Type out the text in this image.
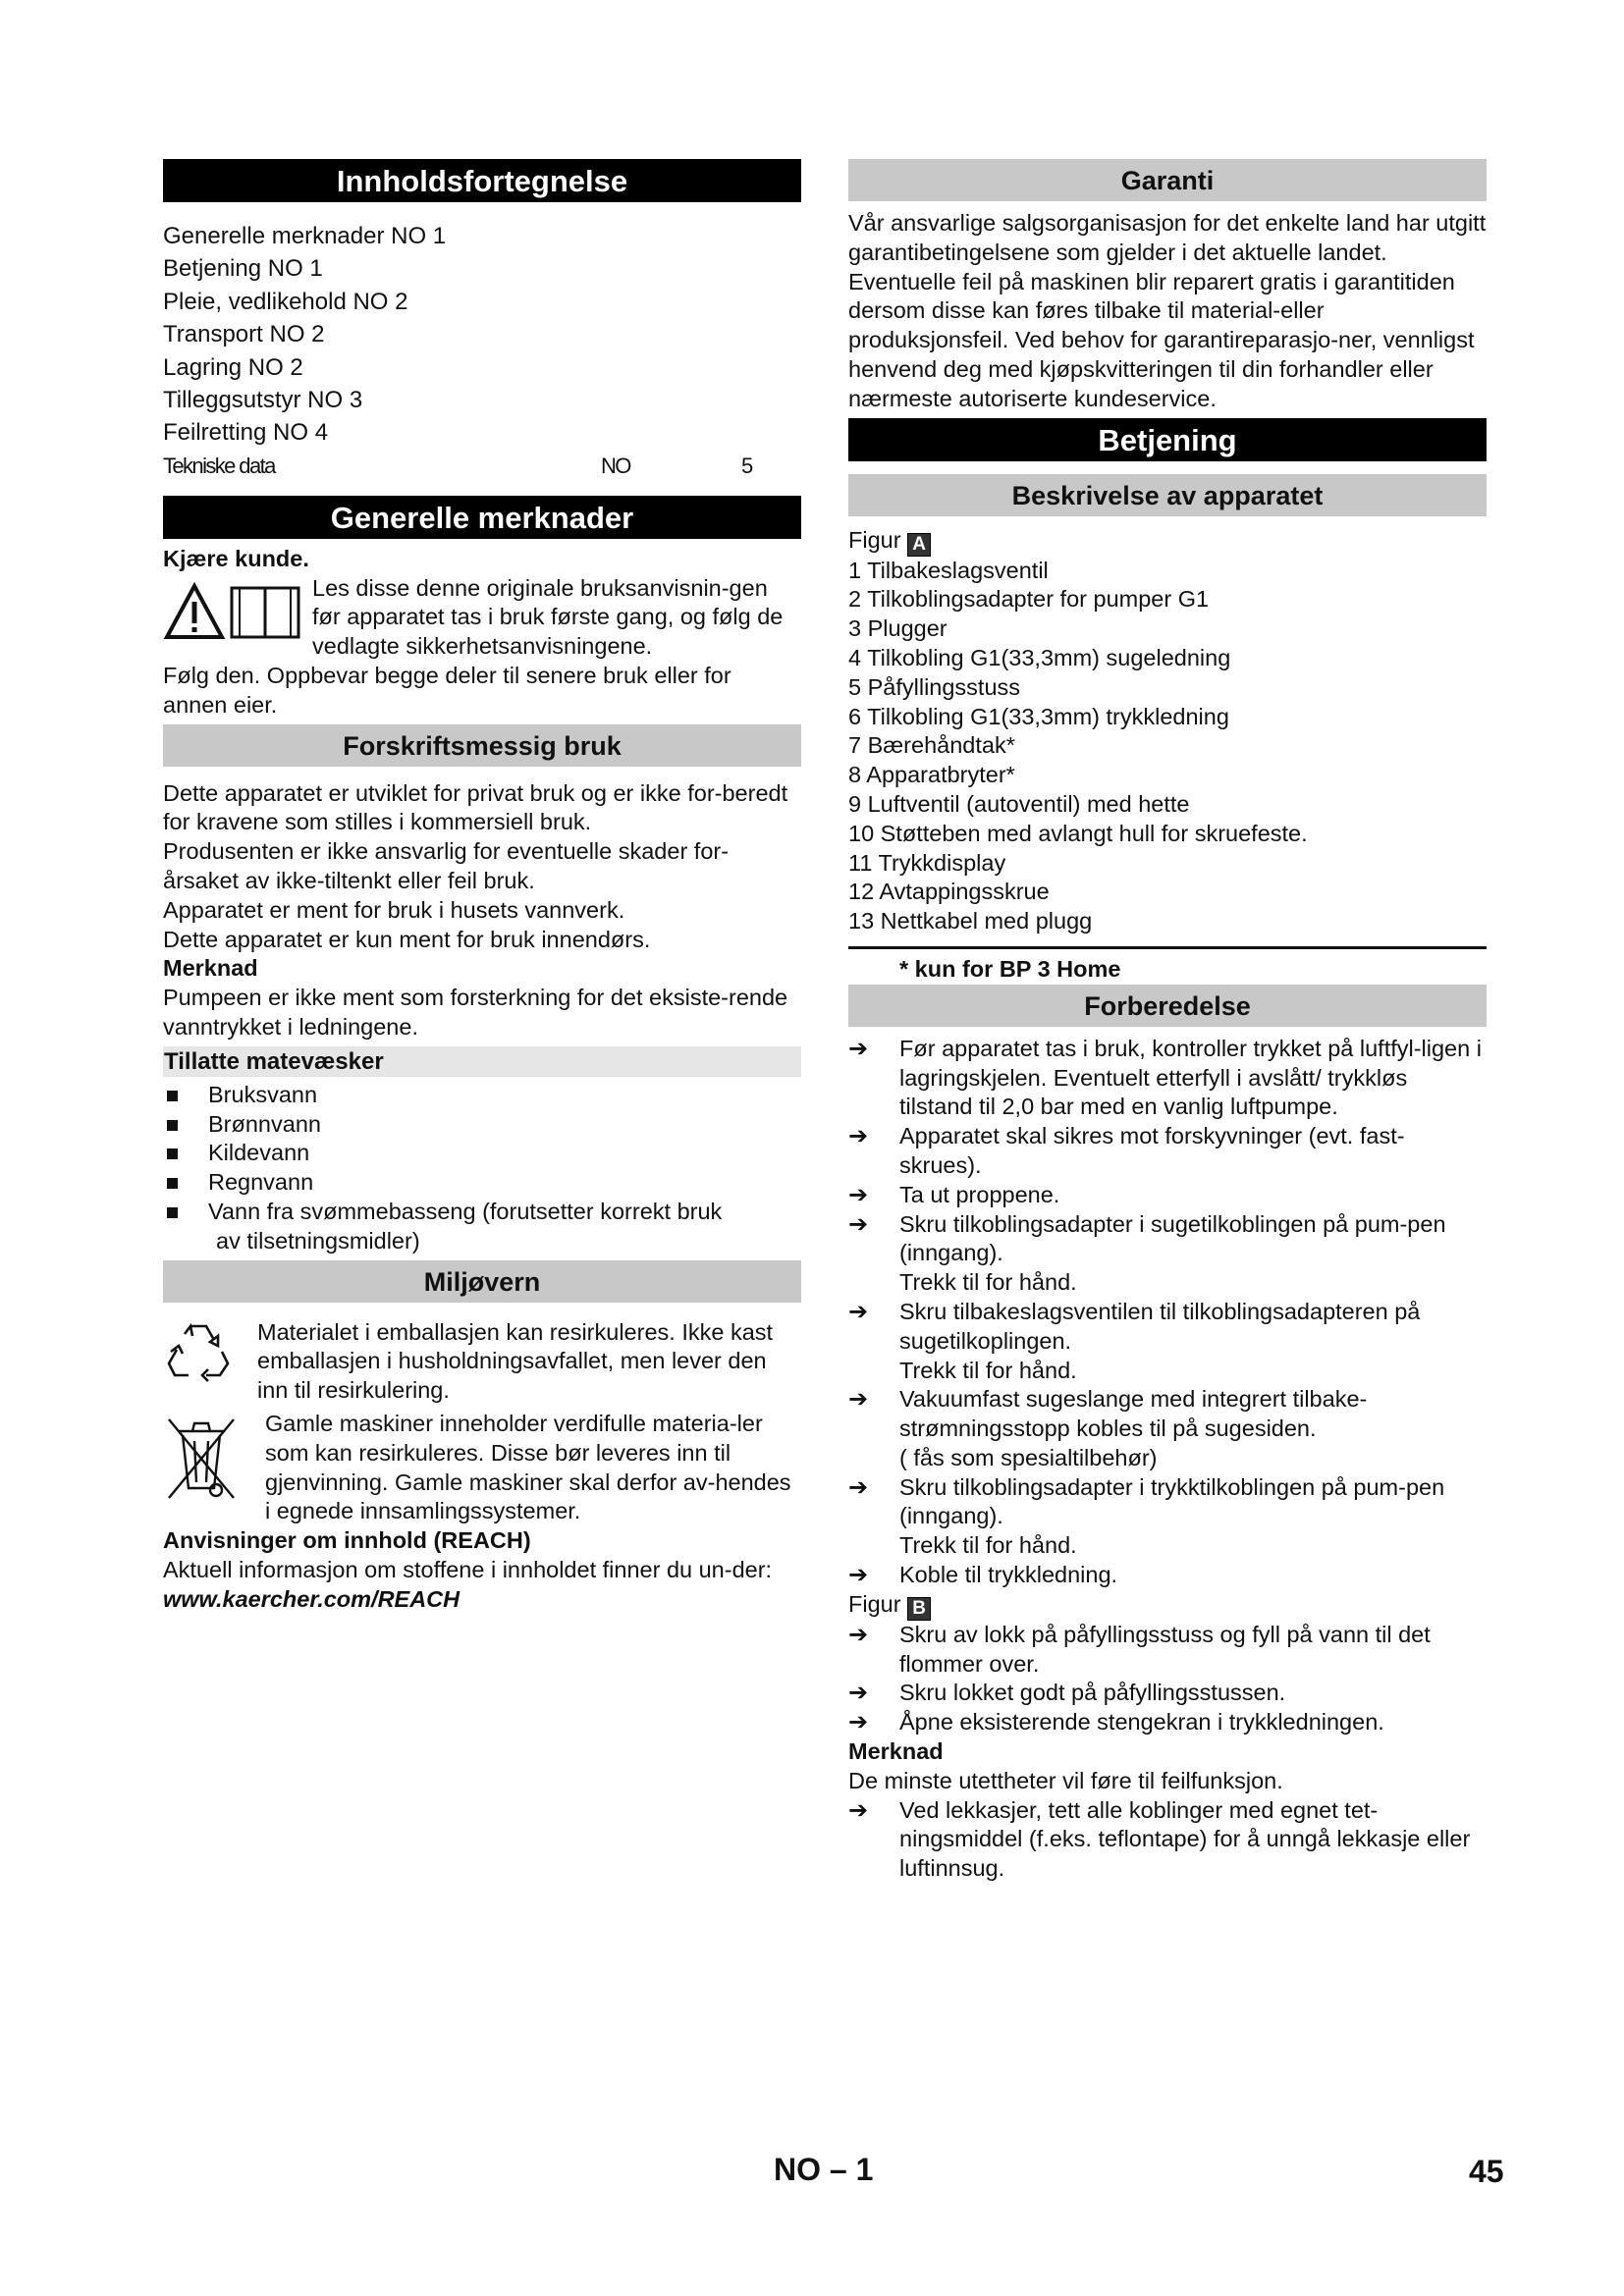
Innholdsfortegnelse

Generelle merknader NO 1

Betjening NO 1

Pleie, vedlikehold NO 2

Transport NO 2

Lagring NO 2

Tilleggsutstyr NO 3

Feilretting NO 4

Tekniske data	NO	5
Generelle merknader

Kjære kunde.

Les disse denne originale bruksanvisnin-gen før apparatet tas i bruk første gang, og følg de vedlagte sikkerhetsanvisningene.

Følg den. Oppbevar begge deler til senere bruk eller for annen eier.

Forskriftsmessig bruk

Dette apparatet er utviklet for privat bruk og er ikke for-beredt for kravene som stilles i kommersiell bruk.

Produsenten er ikke ansvarlig for eventuelle skader for-årsaket av ikke-tiltenkt eller feil bruk.

Apparatet er ment for bruk i husets vannverk.

Dette apparatet er kun ment for bruk innendørs.

Merknad

Pumpeen er ikke ment som forsterkning for det eksiste-rende vanntrykket i ledningene.

Tillatte matevæsker
Bruksvann
Brønnvann
Kildevann
Regnvann
Vann fra svømmebasseng (forutsetter korrekt bruk
av tilsetningsmidler)
Miljøvern

Materialet i emballasjen kan resirkuleres. Ikke kast emballasjen i husholdningsavfallet, men lever den inn til resirkulering.

Gamle maskiner inneholder verdifulle materia-ler som kan resirkuleres. Disse bør leveres inn til gjenvinning. Gamle maskiner skal derfor av-hendes i egnede innsamlingssystemer.

Anvisninger om innhold (REACH)

Aktuell informasjon om stoffene i innholdet finner du un-der:

www.kaercher.com/REACH
Garanti

Vår ansvarlige salgsorganisasjon for det enkelte land har utgitt garantibetingelsene som gjelder i det aktuelle landet. Eventuelle feil på maskinen blir reparert gratis i garantitiden dersom disse kan føres tilbake til material-eller produksjonsfeil. Ved behov for garantireparasjo-ner, vennligst henvend deg med kjøpskvitteringen til din forhandler eller nærmeste autoriserte kundeservice.

Betjening
Beskrivelse av apparatet

Figur A

1 Tilbakeslagsventil

2 Tilkoblingsadapter for pumper G1

3 Plugger

4 Tilkobling G1(33,3mm) sugeledning

5 Påfyllingsstuss

6 Tilkobling G1(33,3mm) trykkledning

7 Bærehåndtak*

8 Apparatbryter*

9 Luftventil (autoventil) med hette

10 Støtteben med avlangt hull for skruefeste.

11 Trykkdisplay

12 Avtappingsskrue

13 Nettkabel med plugg

* kun for BP 3 Home

Forberedelse
➔ Før apparatet tas i bruk, kontroller trykket på luftfyl-ligen i lagringskjelen. Eventuelt etterfyll i avslått/ trykkløs tilstand til 2,0 bar med en vanlig luftpumpe.
➔ Apparatet skal sikres mot forskyvninger (evt. fast-skrues).
➔ Ta ut proppene.
➔ Skru tilkoblingsadapter i sugetilkoblingen på pum-pen (inngang).
Trekk til for hånd.
➔ Skru tilbakeslagsventilen til tilkoblingsadapteren på sugetilkoplingen.
Trekk til for hånd.
➔ Vakuumfast sugeslange med integrert tilbake-strømningsstopp kobles til på sugesiden.
( fås som spesialtilbehør)
➔ Skru tilkoblingsadapter i trykktilkoblingen på pum-pen (inngang).
Trekk til for hånd.
➔ Koble til trykkledning.

Figur B

➔ Skru av lokk på påfyllingsstuss og fyll på vann til det flommer over.
➔ Skru lokket godt på påfyllingsstussen.
➔ Åpne eksisterende stengekran i trykkledningen.

Merknad

De minste utettheter vil føre til feilfunksjon.

➔ Ved lekkasjer, tett alle koblinger med egnet tet-ningsmiddel (f.eks. teflontape) for å unngå lekkasje eller luftinnsug.
NO – 1	45
